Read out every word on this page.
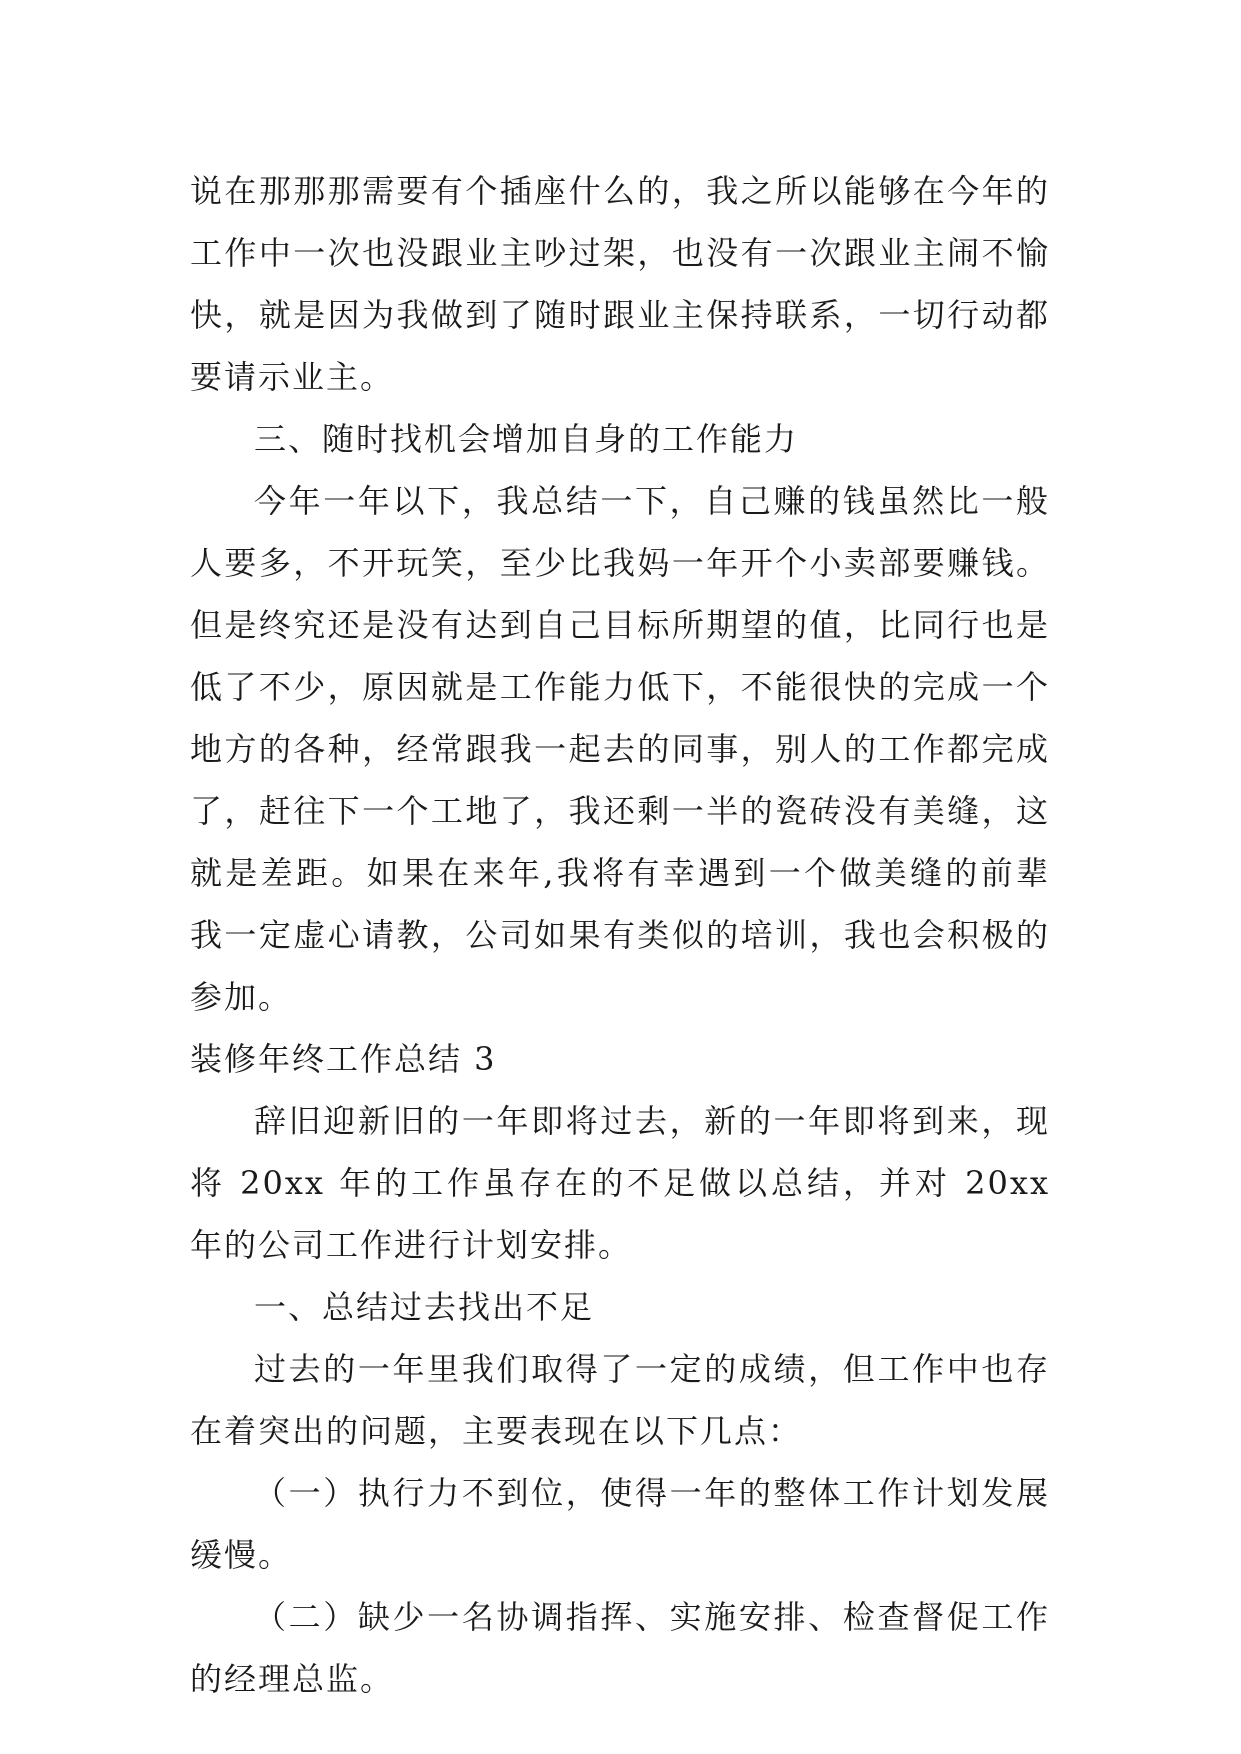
说在那那那需要有个插座什么的，我之所以能够在今年的工作中一次也没跟业主吵过架，也没有一次跟业主闹不愉快，就是因为我做到了随时跟业主保持联系，一切行动都要请示业主。

三、随时找机会增加自身的工作能力

今年一年以下，我总结一下，自己赚的钱虽然比一般人要多，不开玩笑，至少比我妈一年开个小卖部要赚钱。但是终究还是没有达到自己目标所期望的值，比同行也是低了不少，原因就是工作能力低下，不能很快的完成一个地方的各种，经常跟我一起去的同事，别人的工作都完成了，赶往下一个工地了，我还剩一半的瓷砖没有美缝，这就是差距。如果在来年,我将有幸遇到一个做美缝的前辈我一定虚心请教，公司如果有类似的培训，我也会积极的参加。

装修年终工作总结 3

辞旧迎新旧的一年即将过去，新的一年即将到来，现将 20xx 年的工作虽存在的不足做以总结，并对 20xx 年的公司工作进行计划安排。

一、总结过去找出不足

过去的一年里我们取得了一定的成绩，但工作中也存在着突出的问题，主要表现在以下几点：

（一）执行力不到位，使得一年的整体工作计划发展缓慢。

（二）缺少一名协调指挥、实施安排、检查督促工作的经理总监。
